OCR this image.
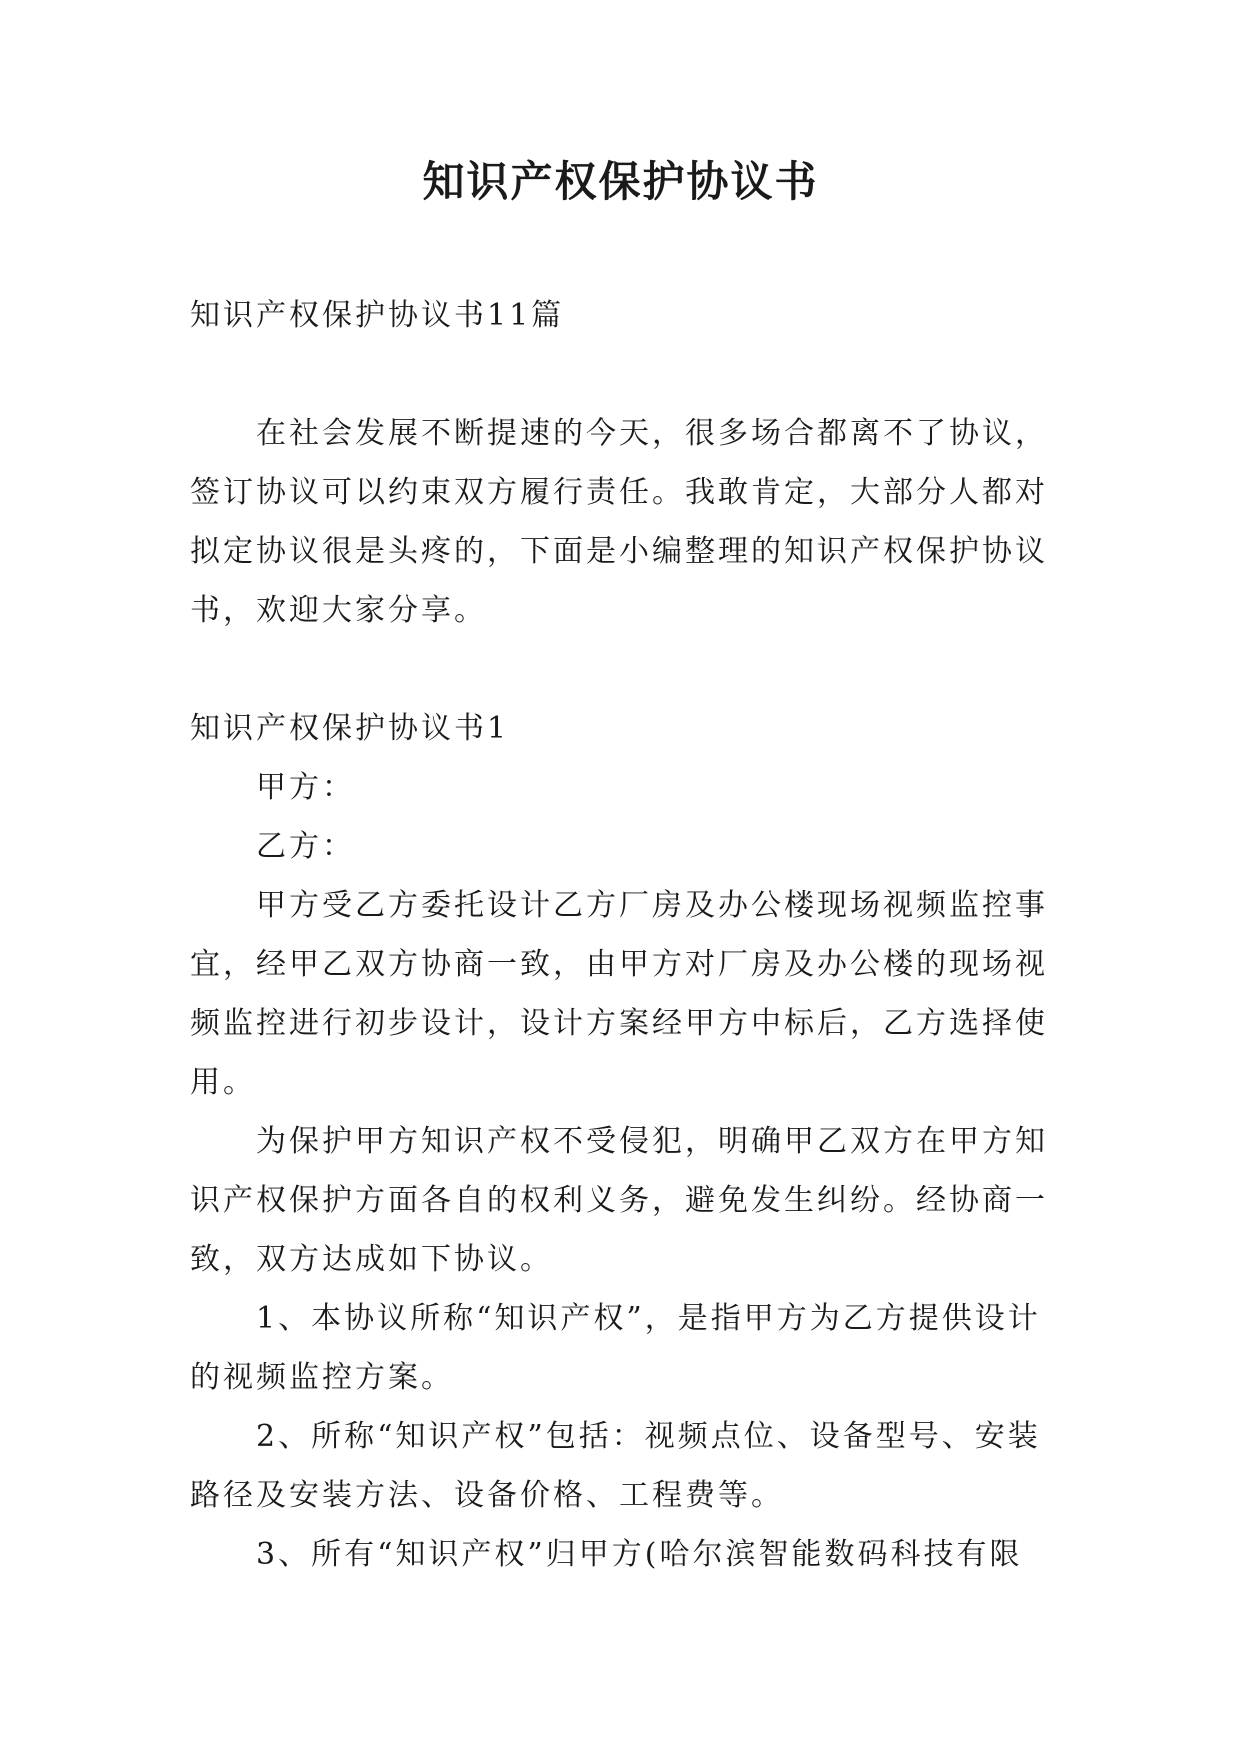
知识产权保护协议书

知识产权保护协议书11篇

在社会发展不断提速的今天，很多场合都离不了协议，签订协议可以约束双方履行责任。我敢肯定，大部分人都对拟定协议很是头疼的，下面是小编整理的知识产权保护协议书，欢迎大家分享。

知识产权保护协议书1

甲方：

乙方：

甲方受乙方委托设计乙方厂房及办公楼现场视频监控事宜，经甲乙双方协商一致，由甲方对厂房及办公楼的现场视频监控进行初步设计，设计方案经甲方中标后，乙方选择使用。

为保护甲方知识产权不受侵犯，明确甲乙双方在甲方知识产权保护方面各自的权利义务，避免发生纠纷。经协商一致，双方达成如下协议。

1、本协议所称“知识产权”，是指甲方为乙方提供设计的视频监控方案。

2、所称“知识产权”包括：视频点位、设备型号、安装路径及安装方法、设备价格、工程费等。

3、所有“知识产权”归甲方(哈尔滨智能数码科技有限
